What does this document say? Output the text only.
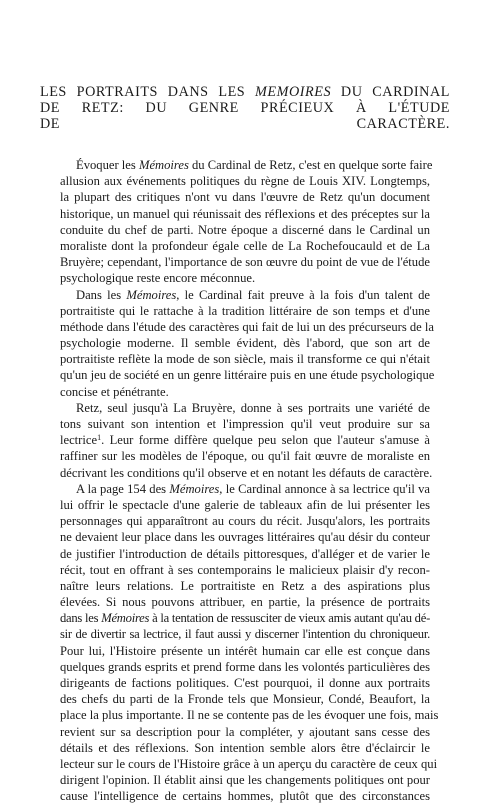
LES PORTRAITS DANS LES MEMOIRES DU CARDINAL
DE RETZ: DU GENRE PRÉCIEUX À L'ÉTUDE
DE CARACTÈRE.
Évoquer les Mémoires du Cardinal de Retz, c'est en quelque sorte faire
allusion aux événements politiques du règne de Louis XIV. Longtemps,
la plupart des critiques n'ont vu dans l'œuvre de Retz qu'un document
historique, un manuel qui réunissait des réflexions et des préceptes sur la
conduite du chef de parti. Notre époque a discerné dans le Cardinal un
moraliste dont la profondeur égale celle de La Rochefoucauld et de La
Bruyère; cependant, l'importance de son œuvre du point de vue de l'étude
psychologique reste encore méconnue.
Dans les Mémoires, le Cardinal fait preuve à la fois d'un talent de
portraitiste qui le rattache à la tradition littéraire de son temps et d'une
méthode dans l'étude des caractères qui fait de lui un des précurseurs de la
psychologie moderne. Il semble évident, dès l'abord, que son art de
portraitiste reflète la mode de son siècle, mais il transforme ce qui n'était
qu'un jeu de société en un genre littéraire puis en une étude psychologique
concise et pénétrante.
Retz, seul jusqu'à La Bruyère, donne à ses portraits une variété de
tons suivant son intention et l'impression qu'il veut produire sur sa
lectrice$^1$. Leur forme diffère quelque peu selon que l'auteur s'amuse à
raffiner sur les modèles de l'époque, ou qu'il fait œuvre de moraliste en
décrivant les conditions qu'il observe et en notant les défauts de caractère.
A la page 154 des Mémoires, le Cardinal annonce à sa lectrice qu'il va
lui offrir le spectacle d'une galerie de tableaux afin de lui présenter les
personnages qui apparaîtront au cours du récit. Jusqu'alors, les portraits
ne devaient leur place dans les ouvrages littéraires qu'au désir du conteur
de justifier l'introduction de détails pittoresques, d'alléger et de varier le
récit, tout en offrant à ses contemporains le malicieux plaisir d'y recon-
naître leurs relations. Le portraitiste en Retz a des aspirations plus
élevées. Si nous pouvons attribuer, en partie, la présence de portraits
dans les Mémoires à la tentation de ressusciter de vieux amis autant qu'au dé-
sir de divertir sa lectrice, il faut aussi y discerner l'intention du chroniqueur.
Pour lui, l'Histoire présente un intérêt humain car elle est conçue dans
quelques grands esprits et prend forme dans les volontés particulières des
dirigeants de factions politiques. C'est pourquoi, il donne aux portraits
des chefs du parti de la Fronde tels que Monsieur, Condé, Beaufort, la
place la plus importante. Il ne se contente pas de les évoquer une fois, mais
revient sur sa description pour la compléter, y ajoutant sans cesse des
détails et des réflexions. Son intention semble alors être d'éclaircir le
lecteur sur le cours de l'Histoire grâce à un aperçu du caractère de ceux qui
dirigent l'opinion. Il établit ainsi que les changements politiques ont pour
cause l'intelligence de certains hommes, plutôt que des circonstances
